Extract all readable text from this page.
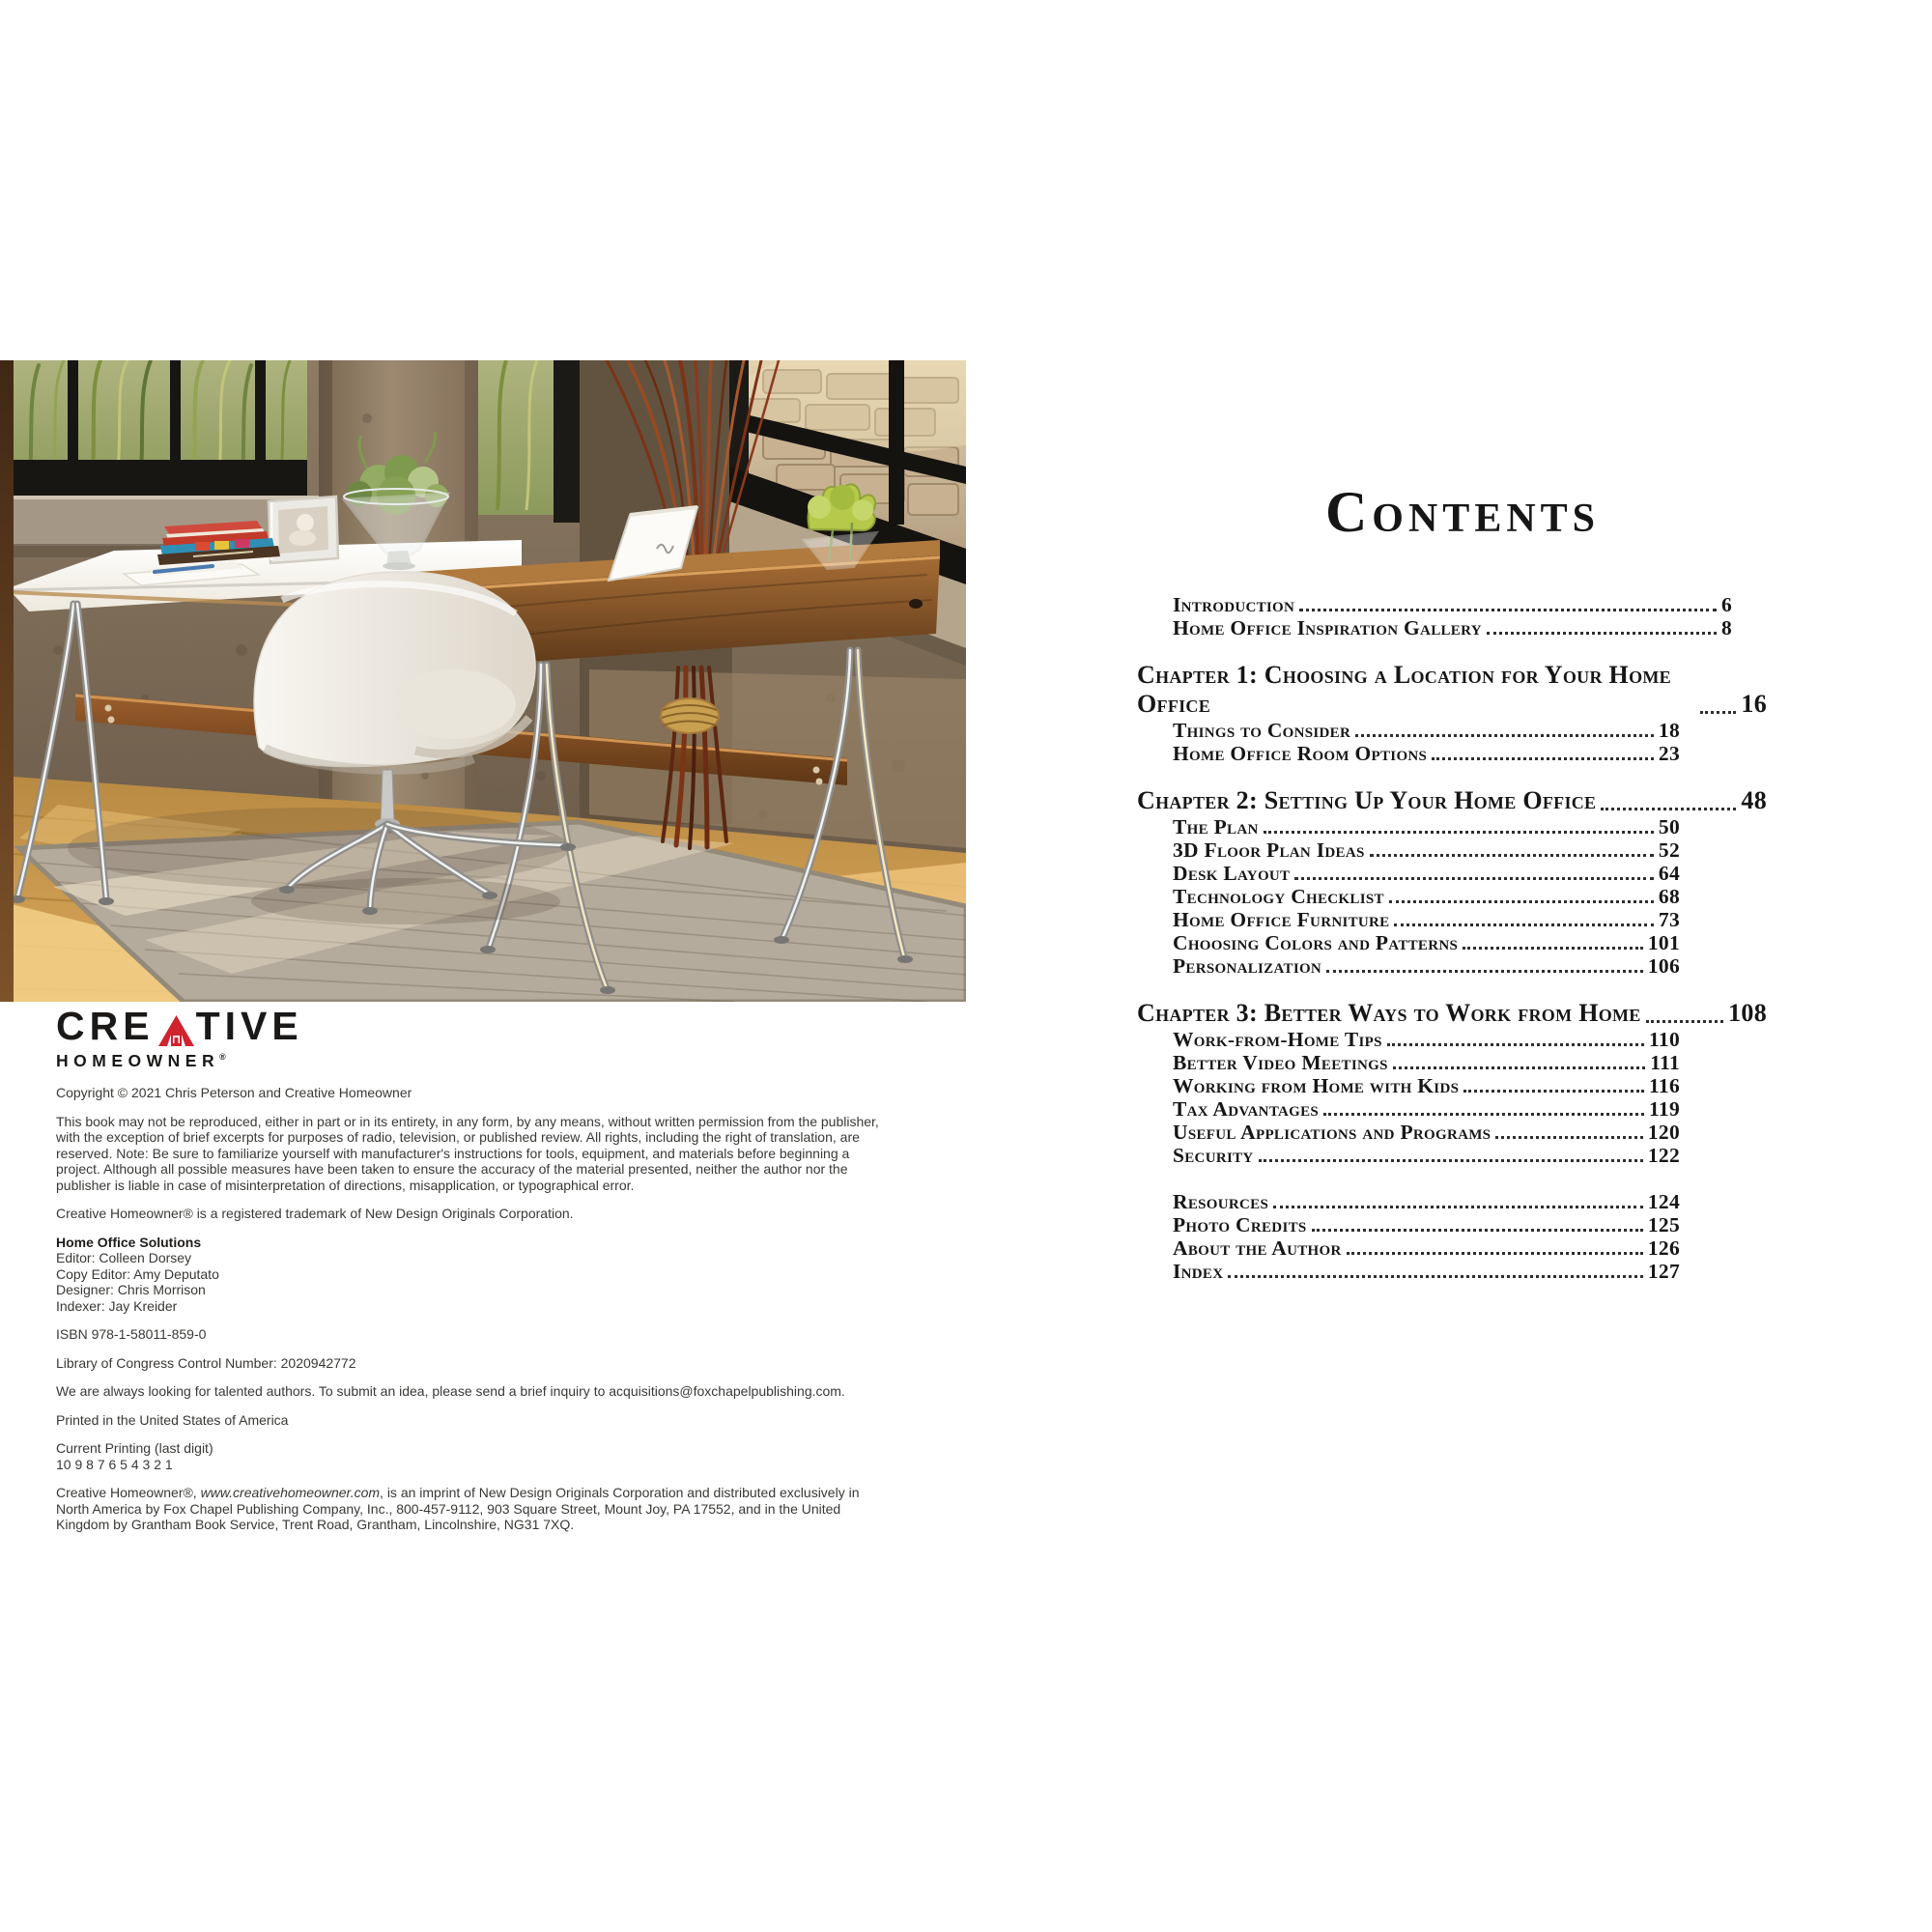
CRE TIVE
HOMEOWNER®
Copyright © 2021 Chris Peterson and Creative Homeowner
This book may not be reproduced, either in part or in its entirety, in any form, by any means, without written permission from the publisher, with the exception of brief excerpts for purposes of radio, television, or published review. All rights, including the right of translation, are reserved. Note: Be sure to familiarize yourself with manufacturer's instructions for tools, equipment, and materials before beginning a project. Although all possible measures have been taken to ensure the accuracy of the material presented, neither the author nor the publisher is liable in case of misinterpretation of directions, misapplication, or typographical error.
Creative Homeowner® is a registered trademark of New Design Originals Corporation.
Home Office Solutions
Editor: Colleen Dorsey
Copy Editor: Amy Deputato
Designer: Chris Morrison
Indexer: Jay Kreider
ISBN 978-1-58011-859-0
Library of Congress Control Number: 2020942772
We are always looking for talented authors. To submit an idea, please send a brief inquiry to acquisitions@foxchapelpublishing.com.
Printed in the United States of America
Current Printing (last digit)
10 9 8 7 6 5 4 3 2 1
Creative Homeowner®, www.creativehomeowner.com, is an imprint of New Design Originals Corporation and distributed exclusively in North America by Fox Chapel Publishing Company, Inc., 800-457-9112, 903 Square Street, Mount Joy, PA 17552, and in the United Kingdom by Grantham Book Service, Trent Road, Grantham, Lincolnshire, NG31 7XQ.
Contents
Introduction	6
Home Office Inspiration Gallery	8
Chapter 1: Choosing a Location for Your Home Office	16
Things to Consider	18
Home Office Room Options	23
Chapter 2: Setting Up Your Home Office	48
The Plan	50
3D Floor Plan Ideas	52
Desk Layout	64
Technology Checklist	68
Home Office Furniture	73
Choosing Colors and Patterns	101
Personalization	106
Chapter 3: Better Ways to Work from Home	108
Work-from-Home Tips	110
Better Video Meetings	111
Working from Home with Kids	116
Tax Advantages	119
Useful Applications and Programs	120
Security	122
Resources	124
Photo Credits	125
About the Author	126
Index	127
